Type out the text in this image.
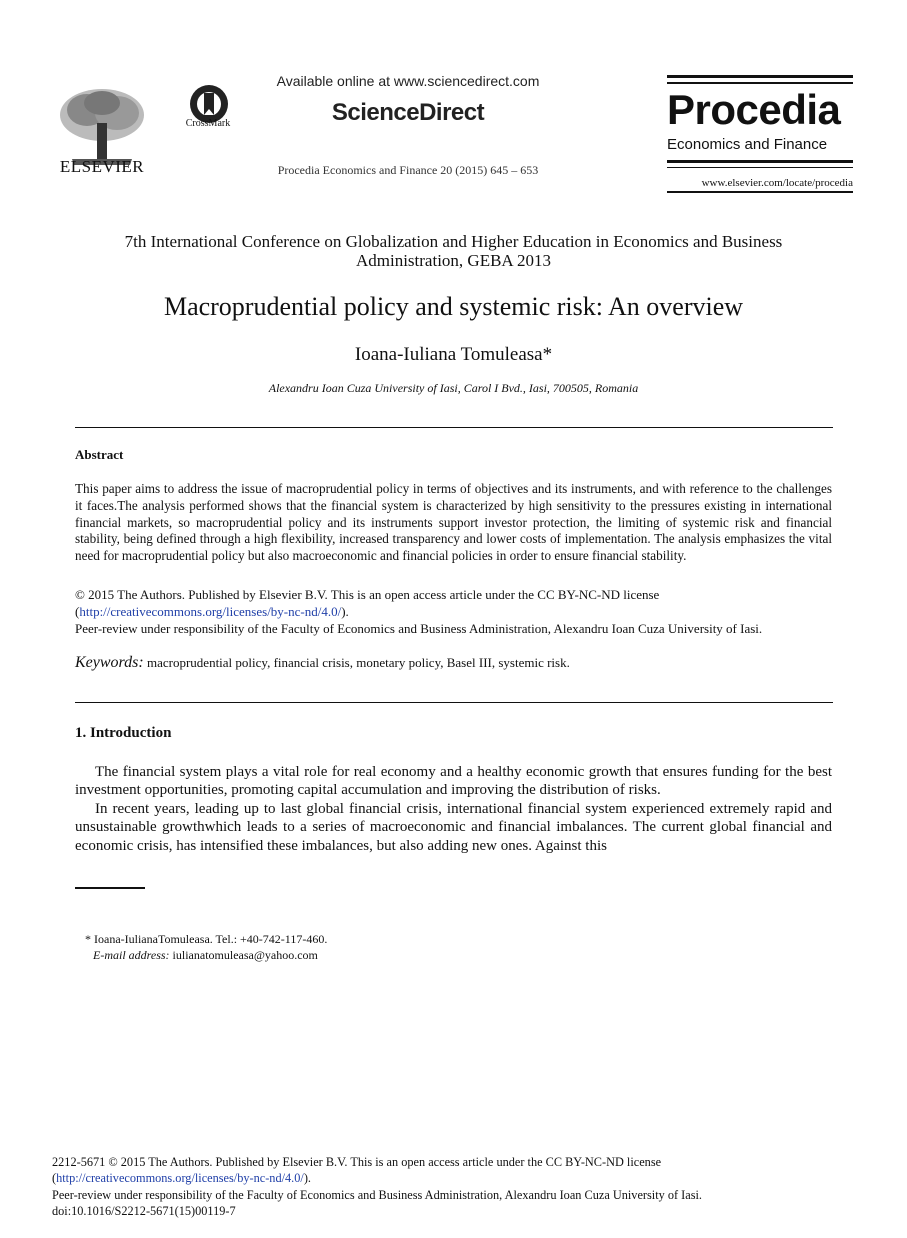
ELSEVIER
CrossMark
Available online at www.sciencedirect.com
ScienceDirect
Procedia Economics and Finance 20 (2015) 645 – 653
Procedia
Economics and Finance
www.elsevier.com/locate/procedia
7th International Conference on Globalization and Higher Education in Economics and Business Administration, GEBA 2013
Macroprudential policy and systemic risk: An overview
Ioana-Iuliana Tomuleasa*
Alexandru Ioan Cuza University of Iasi, Carol I Bvd., Iasi, 700505, Romania
Abstract
This paper aims to address the issue of macroprudential policy in terms of objectives and its instruments, and with reference to the challenges it faces.The analysis performed shows that the financial system is characterized by high sensitivity to the pressures existing in international financial markets, so macroprudential policy and its instruments support investor protection, the limiting of systemic risk and financial stability, being defined through a high flexibility, increased transparency and lower costs of implementation. The analysis emphasizes the vital need for macroprudential policy but also macroeconomic and financial policies in order to ensure financial stability.
© 2015 The Authors. Published by Elsevier B.V. This is an open access article under the CC BY-NC-ND license
(http://creativecommons.org/licenses/by-nc-nd/4.0/).
Peer-review under responsibility of the Faculty of Economics and Business Administration, Alexandru Ioan Cuza University of Iasi.
Keywords: macroprudential policy, financial crisis, monetary policy, Basel III, systemic risk.
1. Introduction

The financial system plays a vital role for real economy and a healthy economic growth that ensures funding for the best investment opportunities, promoting capital accumulation and improving the distribution of risks.

In recent years, leading up to last global financial crisis, international financial system experienced extremely rapid and unsustainable growthwhich leads to a series of macroeconomic and financial imbalances. The current global financial and economic crisis, has intensified these imbalances, but also adding new ones. Against this

* Ioana-IulianaTomuleasa. Tel.: +40-742-117-460.
E-mail address: iulianatomuleasa@yahoo.com
2212-5671 © 2015 The Authors. Published by Elsevier B.V. This is an open access article under the CC BY-NC-ND license
(http://creativecommons.org/licenses/by-nc-nd/4.0/).
Peer-review under responsibility of the Faculty of Economics and Business Administration, Alexandru Ioan Cuza University of Iasi.
doi:10.1016/S2212-5671(15)00119-7
